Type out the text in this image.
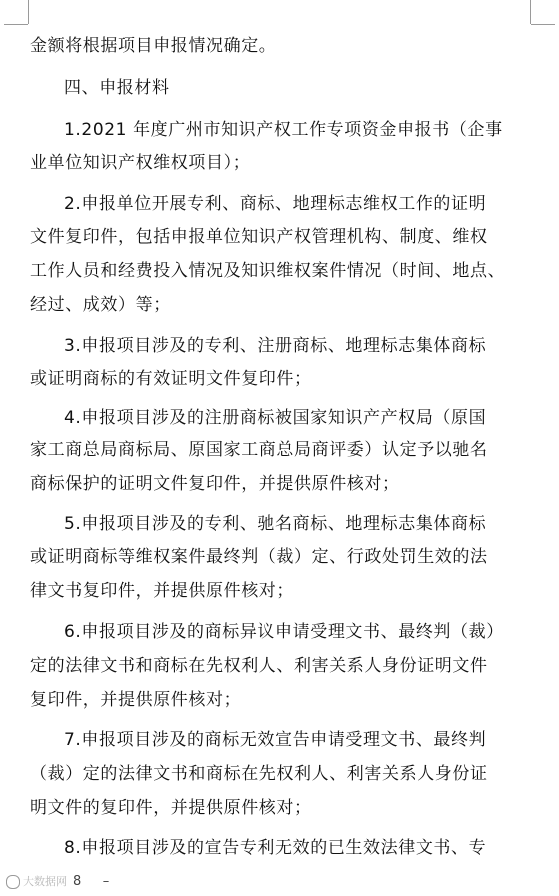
金额将根据项目申报情况确定。
四、申报材料
1.2021 年度广州市知识产权工作专项资金申报书（企事
业单位知识产权维权项目）；
2.申报单位开展专利、商标、地理标志维权工作的证明
文件复印件，包括申报单位知识产权管理机构、制度、维权
工作人员和经费投入情况及知识维权案件情况（时间、地点、
经过、成效）等；
3.申报项目涉及的专利、注册商标、地理标志集体商标
或证明商标的有效证明文件复印件；
4.申报项目涉及的注册商标被国家知识产产权局（原国
家工商总局商标局、原国家工商总局商评委）认定予以驰名
商标保护的证明文件复印件，并提供原件核对；
5.申报项目涉及的专利、驰名商标、地理标志集体商标
或证明商标等维权案件最终判（裁）定、行政处罚生效的法
律文书复印件，并提供原件核对；
6.申报项目涉及的商标异议申请受理文书、最终判（裁）
定的法律文书和商标在先权利人、利害关系人身份证明文件
复印件，并提供原件核对；
7.申报项目涉及的商标无效宣告申请受理文书、最终判
（裁）定的法律文书和商标在先权利人、利害关系人身份证
明文件的复印件，并提供原件核对；
8.申报项目涉及的宣告专利无效的已生效法律文书、专
大数据网 8 –
